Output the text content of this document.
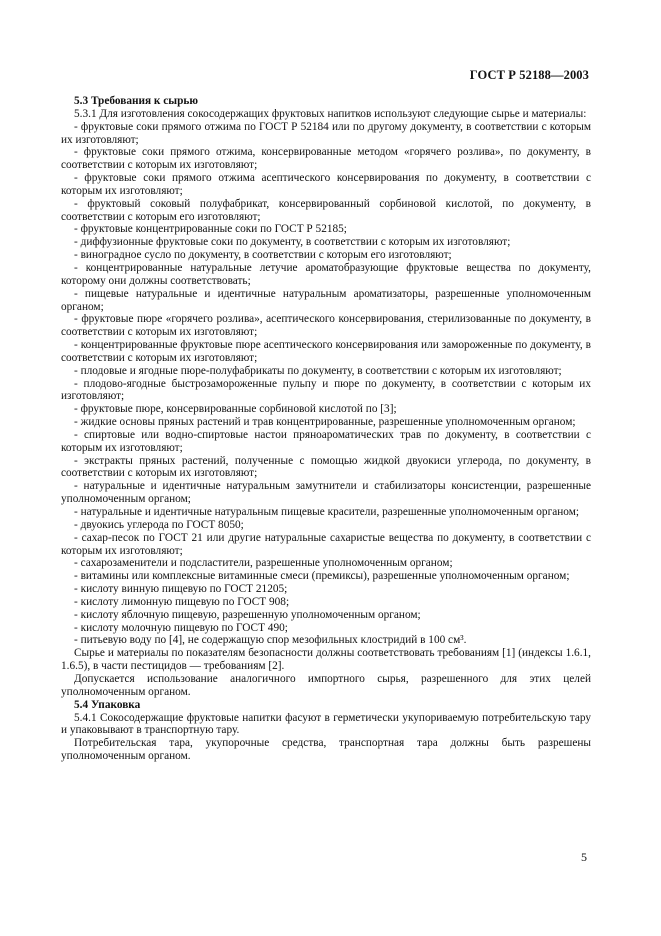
ГОСТ Р 52188—2003

5.3 Требования к сырью

5.3.1 Для изготовления сокосодержащих фруктовых напитков используют следующие сырье и материалы:

- фруктовые соки прямого отжима по ГОСТ Р 52184 или по другому документу, в соответствии с которым их изготовляют;

- фруктовые соки прямого отжима, консервированные методом «горячего розлива», по документу, в соответствии с которым их изготовляют;

- фруктовые соки прямого отжима асептического консервирования по документу, в соответствии с которым их изготовляют;

- фруктовый соковый полуфабрикат, консервированный сорбиновой кислотой, по документу, в соответствии с которым его изготовляют;

- фруктовые концентрированные соки по ГОСТ Р 52185;

- диффузионные фруктовые соки по документу, в соответствии с которым их изготовляют;

- виноградное сусло по документу, в соответствии с которым его изготовляют;

- концентрированные натуральные летучие ароматобразующие фруктовые вещества по документу, которому они должны соответствовать;

- пищевые натуральные и идентичные натуральным ароматизаторы, разрешенные уполномоченным органом;

- фруктовые пюре «горячего розлива», асептического консервирования, стерилизованные по документу, в соответствии с которым их изготовляют;

- концентрированные фруктовые пюре асептического консервирования или замороженные по документу, в соответствии с которым их изготовляют;

- плодовые и ягодные пюре-полуфабрикаты по документу, в соответствии с которым их изготовляют;

- плодово-ягодные быстрозамороженные пульпу и пюре по документу, в соответствии с которым их изготовляют;

- фруктовые пюре, консервированные сорбиновой кислотой по [3];

- жидкие основы пряных растений и трав концентрированные, разрешенные уполномоченным органом;

- спиртовые или водно-спиртовые настои пряноароматических трав по документу, в соответствии с которым их изготовляют;

- экстракты пряных растений, полученные с помощью жидкой двуокиси углерода, по документу, в соответствии с которым их изготовляют;

- натуральные и идентичные натуральным замутнители и стабилизаторы консистенции, разрешенные уполномоченным органом;

- натуральные и идентичные натуральным пищевые красители, разрешенные уполномоченным органом;

- двуокись углерода по ГОСТ 8050;

- сахар-песок по ГОСТ 21 или другие натуральные сахаристые вещества по документу, в соответствии с которым их изготовляют;

- сахарозаменители и подсластители, разрешенные уполномоченным органом;

- витамины или комплексные витаминные смеси (премиксы), разрешенные уполномоченным органом;

- кислоту винную пищевую по ГОСТ 21205;

- кислоту лимонную пищевую по ГОСТ 908;

- кислоту яблочную пищевую, разрешенную уполномоченным органом;

- кислоту молочную пищевую по ГОСТ 490;

- питьевую воду по [4], не содержащую спор мезофильных клостридий в 100 см³.

Сырье и материалы по показателям безопасности должны соответствовать требованиям [1] (индексы 1.6.1, 1.6.5), в части пестицидов — требованиям [2].

Допускается использование аналогичного импортного сырья, разрешенного для этих целей уполномоченным органом.

5.4 Упаковка

5.4.1 Сокосодержащие фруктовые напитки фасуют в герметически укупориваемую потребительскую тару и упаковывают в транспортную тару.

Потребительская тара, укупорочные средства, транспортная тара должны быть разрешены уполномоченным органом.

5
